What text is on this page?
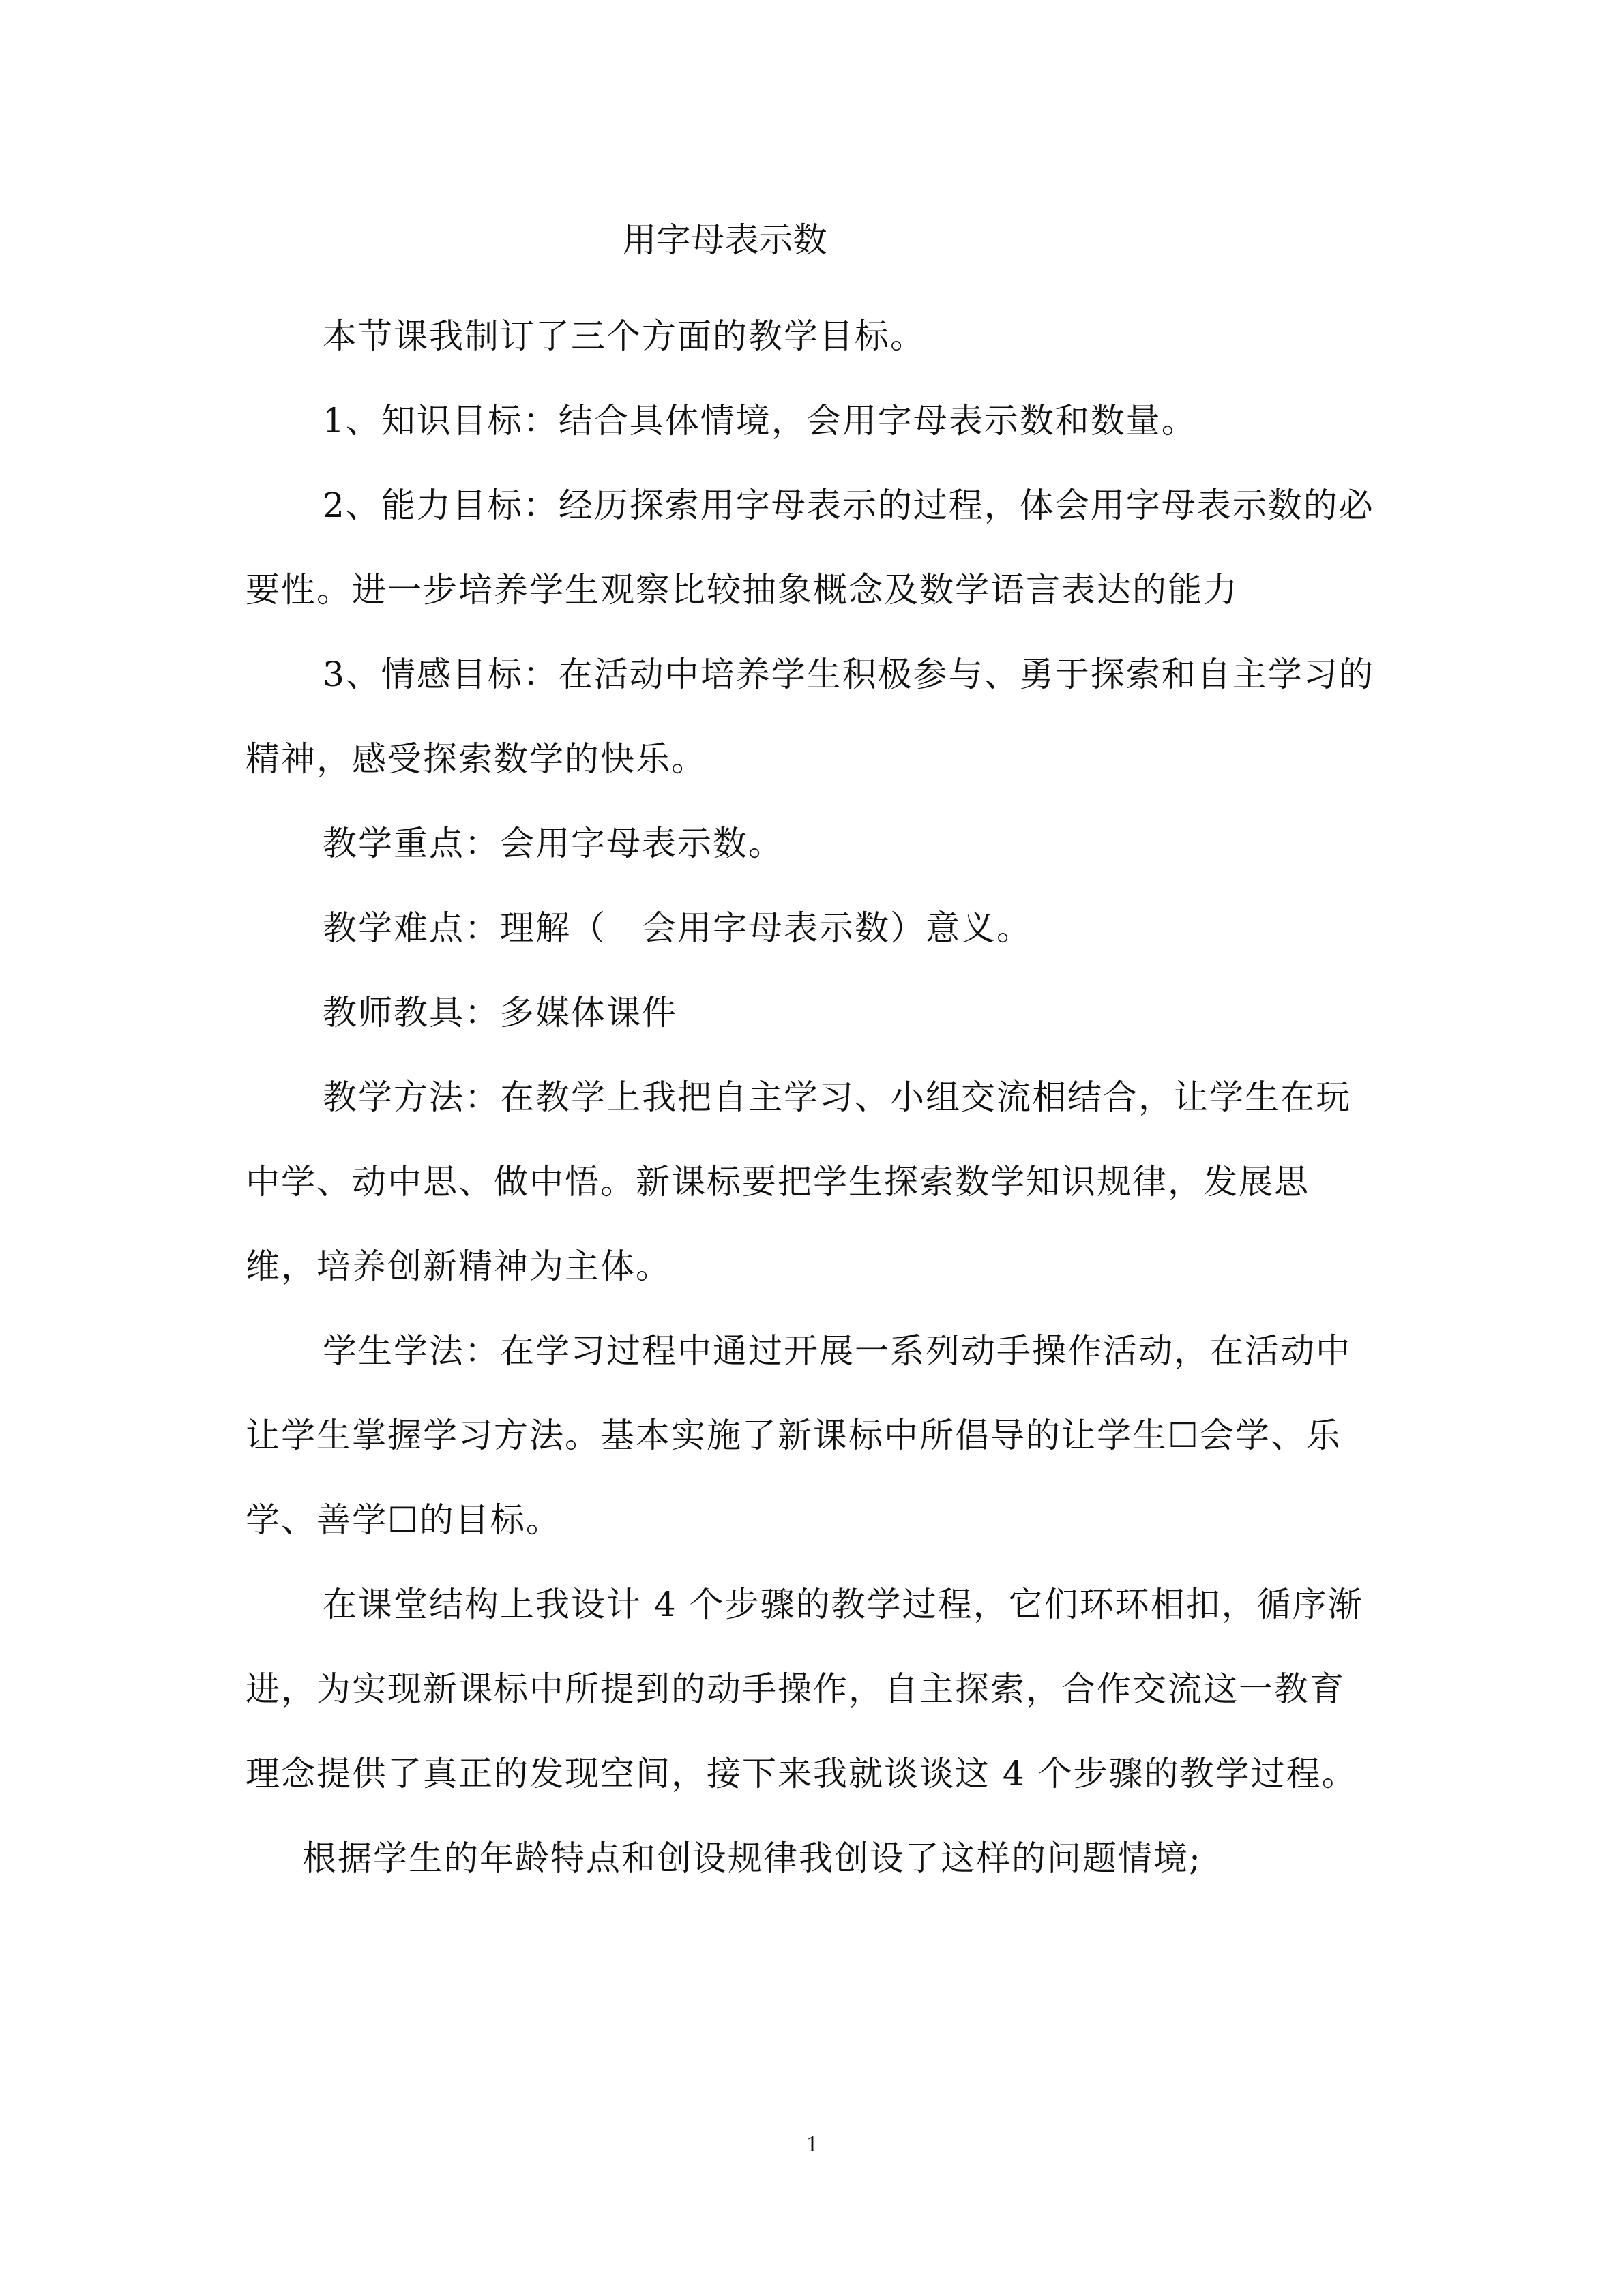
用字母表示数

本节课我制订了三个方面的教学目标。

1、知识目标：结合具体情境，会用字母表示数和数量。

2、能力目标：经历探索用字母表示的过程，体会用字母表示数的必要性。进一步培养学生观察比较抽象概念及数学语言表达的能力

3、情感目标：在活动中培养学生积极参与、勇于探索和自主学习的精神，感受探索数学的快乐。

教学重点：会用字母表示数。

教学难点：理解（　会用字母表示数）意义。

教师教具：多媒体课件

教学方法：在教学上我把自主学习、小组交流相结合，让学生在玩中学、动中思、做中悟。新课标要把学生探索数学知识规律，发展思维，培养创新精神为主体。

学生学法：在学习过程中通过开展一系列动手操作活动，在活动中让学生掌握学习方法。基本实施了新课标中所倡导的让学生☐会学、乐学、善学☐的目标。

在课堂结构上我设计 4 个步骤的教学过程，它们环环相扣，循序渐进，为实现新课标中所提到的动手操作，自主探索，合作交流这一教育理念提供了真正的发现空间，接下来我就谈谈这 4 个步骤的教学过程。

根据学生的年龄特点和创设规律我创设了这样的问题情境;

1
